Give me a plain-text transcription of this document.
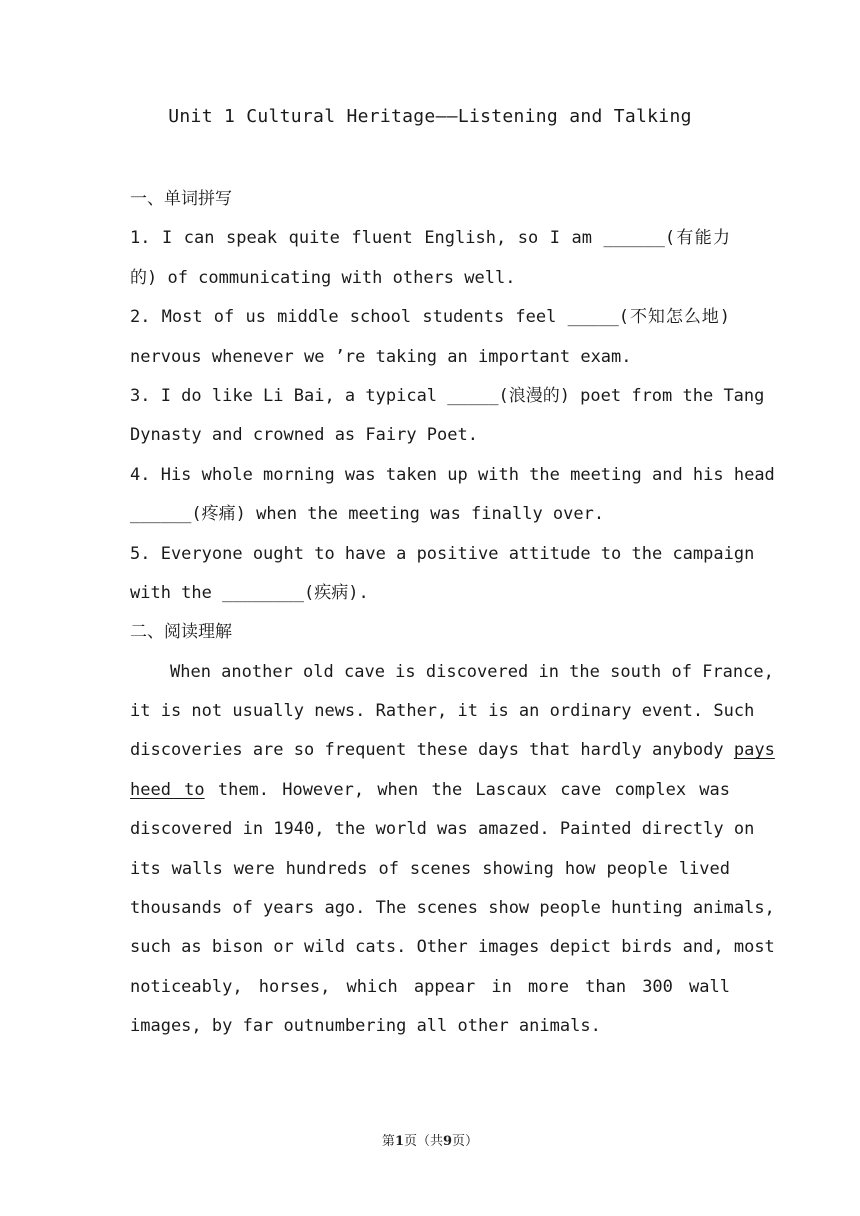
Unit 1 Cultural Heritage——Listening and Talking
一、单词拼写
1. I can speak quite fluent English, so I am ______(有能力
的) of communicating with others well.
2. Most of us middle school students feel _____(不知怎么地)
nervous whenever we ’re taking an important exam.
3. I do like Li Bai, a typical _____(浪漫的) poet from the Tang
Dynasty and crowned as Fairy Poet.
4. His whole morning was taken up with the meeting and his head
______(疼痛) when the meeting was finally over.
5. Everyone ought to have a positive attitude to the campaign
with the ________(疾病).
二、阅读理解
When another old cave is discovered in the south of France,
it is not usually news. Rather, it is an ordinary event. Such
discoveries are so frequent these days that hardly anybody pays
heed to them. However, when the Lascaux cave complex was
discovered in 1940, the world was amazed. Painted directly on
its walls were hundreds of scenes showing how people lived
thousands of years ago. The scenes show people hunting animals,
such as bison or wild cats. Other images depict birds and, most
noticeably, horses, which appear in more than 300 wall
images, by far outnumbering all other animals.
第1页（共9页）
